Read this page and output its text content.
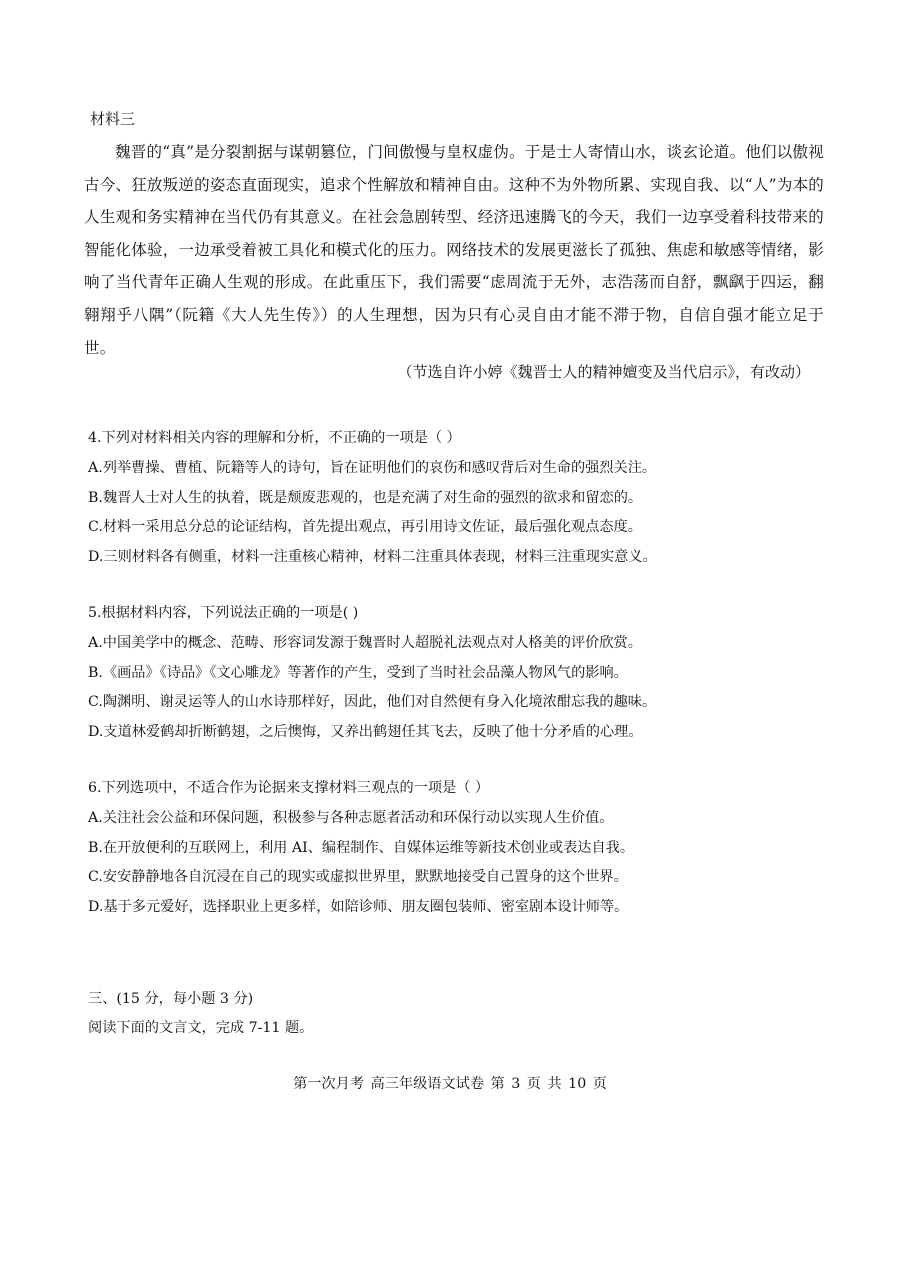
材料三

魏晋的“真”是分裂割据与谋朝篡位，门间傲慢与皇权虚伪。于是士人寄情山水，谈玄论道。他们以傲视古今、狂放叛逆的姿态直面现实，追求个性解放和精神自由。这种不为外物所累、实现自我、以“人”为本的人生观和务实精神在当代仍有其意义。在社会急剧转型、经济迅速腾飞的今天，我们一边享受着科技带来的智能化体验，一边承受着被工具化和模式化的压力。网络技术的发展更滋长了孤独、焦虑和敏感等情绪，影响了当代青年正确人生观的形成。在此重压下，我们需要“虑周流于无外，志浩荡而自舒，飘飖于四运，翻翱翔乎八隅”（阮籍《大人先生传》）的人生理想，因为只有心灵自由才能不滞于物，自信自强才能立足于世。

（节选自许小婷《魏晋士人的精神嬗变及当代启示》，有改动）
4.下列对材料相关内容的理解和分析，不正确的一项是（ ）
A.列举曹操、曹植、阮籍等人的诗句，旨在证明他们的哀伤和感叹背后对生命的强烈关注。
B.魏晋人士对人生的执着，既是颓废悲观的，也是充满了对生命的强烈的欲求和留恋的。
C.材料一采用总分总的论证结构，首先提出观点，再引用诗文佐证，最后强化观点态度。
D.三则材料各有侧重，材料一注重核心精神，材料二注重具体表现，材料三注重现实意义。
5.根据材料内容，下列说法正确的一项是( )
A.中国美学中的概念、范畴、形容词发源于魏晋时人超脱礼法观点对人格美的评价欣赏。
B.《画品》《诗品》《文心雕龙》等著作的产生，受到了当时社会品藻人物风气的影响。
C.陶渊明、谢灵运等人的山水诗那样好，因此，他们对自然便有身入化境浓酣忘我的趣味。
D.支道林爱鹤却折断鹤翅，之后懊悔，又养出鹤翅任其飞去，反映了他十分矛盾的心理。
6.下列选项中，不适合作为论据来支撑材料三观点的一项是（ ）
A.关注社会公益和环保问题，积极参与各种志愿者活动和环保行动以实现人生价值。
B.在开放便利的互联网上，利用 AI、编程制作、自媒体运维等新技术创业或表达自我。
C.安安静静地各自沉浸在自己的现实或虚拟世界里，默默地接受自己置身的这个世界。
D.基于多元爱好，选择职业上更多样，如陪诊师、朋友圈包装师、密室剧本设计师等。
三、(15 分，每小题 3 分)
阅读下面的文言文，完成 7-11 题。
第一次月考 高三年级语文试卷 第 3 页 共 10 页
